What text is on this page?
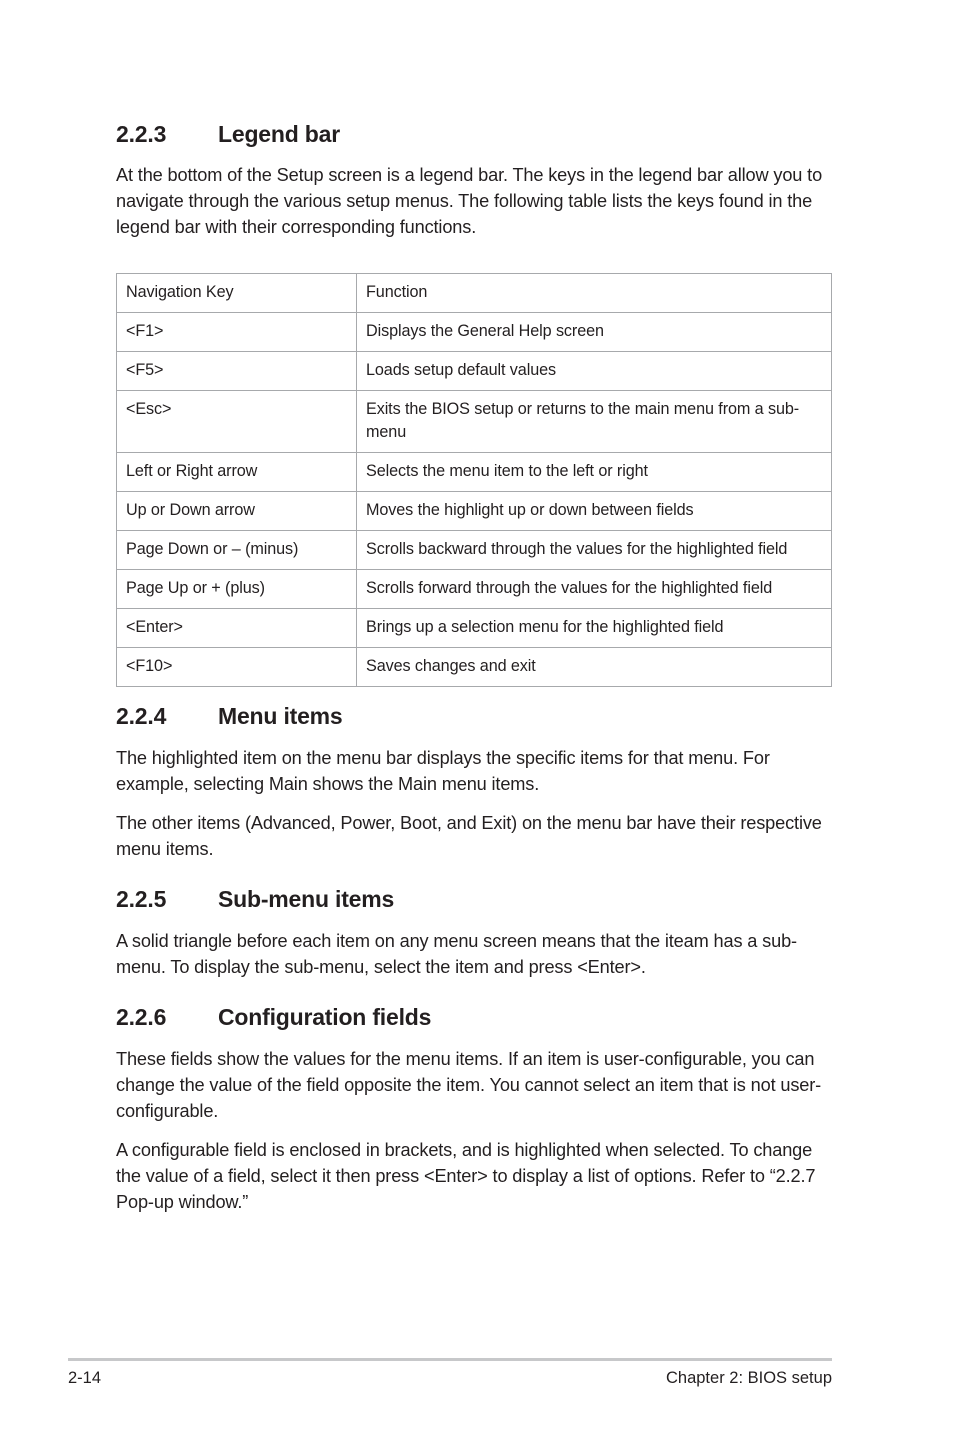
2.2.3 Legend bar

At the bottom of the Setup screen is a legend bar. The keys in the legend bar allow you to navigate through the various setup menus. The following table lists the keys found in the legend bar with their corresponding functions.

Navigation Key	Function
<F1>	Displays the General Help screen
<F5>	Loads setup default values
<Esc>	Exits the BIOS setup or returns to the main menu from a sub-menu
Left or Right arrow	Selects the menu item to the left or right
Up or Down arrow	Moves the highlight up or down between fields
Page Down or – (minus)	Scrolls backward through the values for the highlighted field
Page Up or + (plus)	Scrolls forward through the values for the highlighted field
<Enter>	Brings up a selection menu for the highlighted field
<F10>	Saves changes and exit
2.2.4 Menu items

The highlighted item on the menu bar displays the specific items for that menu. For example, selecting Main shows the Main menu items.

The other items (Advanced, Power, Boot, and Exit) on the menu bar have their respective menu items.

2.2.5 Sub-menu items

A solid triangle before each item on any menu screen means that the iteam has a sub-menu. To display the sub-menu, select the item and press <Enter>.

2.2.6 Configuration fields

These fields show the values for the menu items. If an item is user-configurable, you can change the value of the field opposite the item. You cannot select an item that is not user-configurable.

A configurable field is enclosed in brackets, and is highlighted when selected. To change the value of a field, select it then press <Enter> to display a list of options. Refer to “2.2.7 Pop-up window.”

2-14	Chapter 2: BIOS setup
